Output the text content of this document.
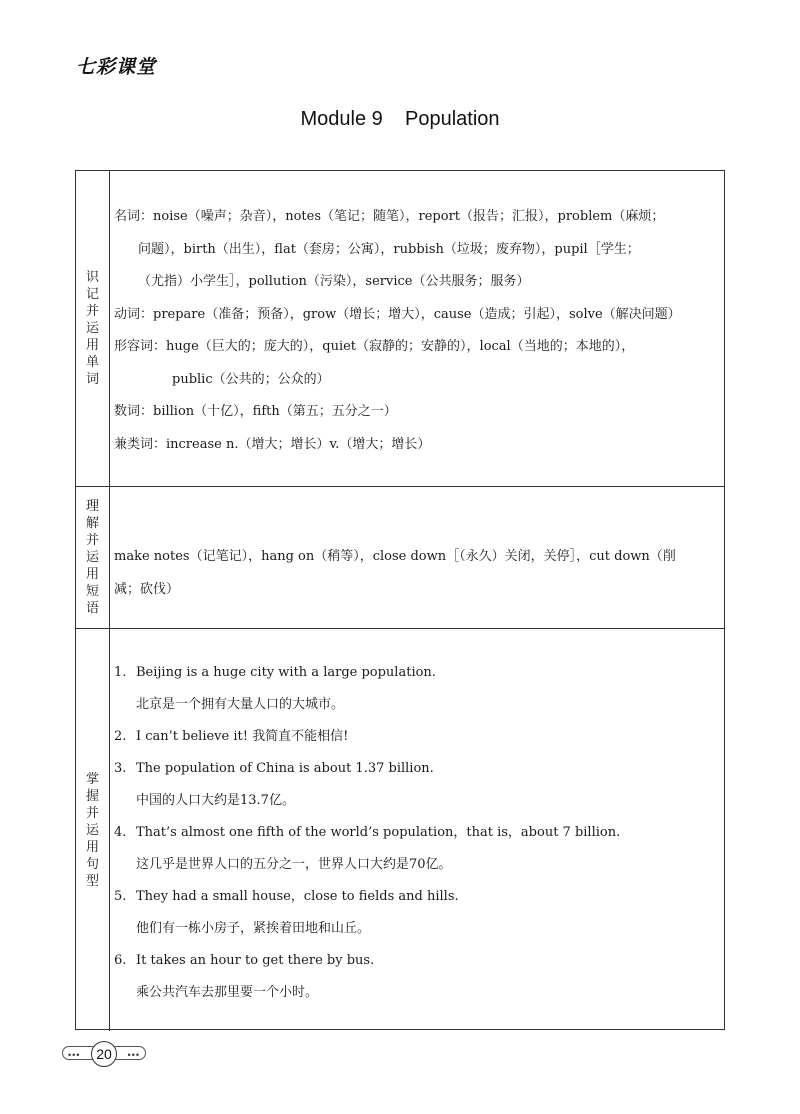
七彩课堂
Module 9    Population
识记并运用单词
名词：noise（噪声；杂音），notes（笔记；随笔），report（报告；汇报），problem（麻烦；
问题），birth（出生），flat（套房；公寓），rubbish（垃圾；废弃物），pupil［学生；
（尤指）小学生］，pollution（污染），service（公共服务；服务）
动词：prepare（准备；预备），grow（增长；增大），cause（造成；引起），solve（解决问题）
形容词：huge（巨大的；庞大的），quiet（寂静的；安静的），local（当地的；本地的），
public（公共的；公众的）
数词：billion（十亿），fifth（第五；五分之一）
兼类词：increase n.（增大；增长）v.（增大；增长）
理解并运用短语
make notes（记笔记），hang on（稍等），close down［（永久）关闭，关停］，cut down（削
减；砍伐）
掌握并运用句型
1. Beijing is a huge city with a large population.
北京是一个拥有大量人口的大城市。
2. I can’t believe it! 我简直不能相信!
3. The population of China is about 1.37 billion.
中国的人口大约是13.7亿。
4. That’s almost one fifth of the world’s population，that is，about 7 billion.
这几乎是世界人口的五分之一，世界人口大约是70亿。
5. They had a small house，close to fields and hills.
他们有一栋小房子，紧挨着田地和山丘。
6. It takes an hour to get there by bus.
乘公共汽车去那里要一个小时。
•••	•••
20
